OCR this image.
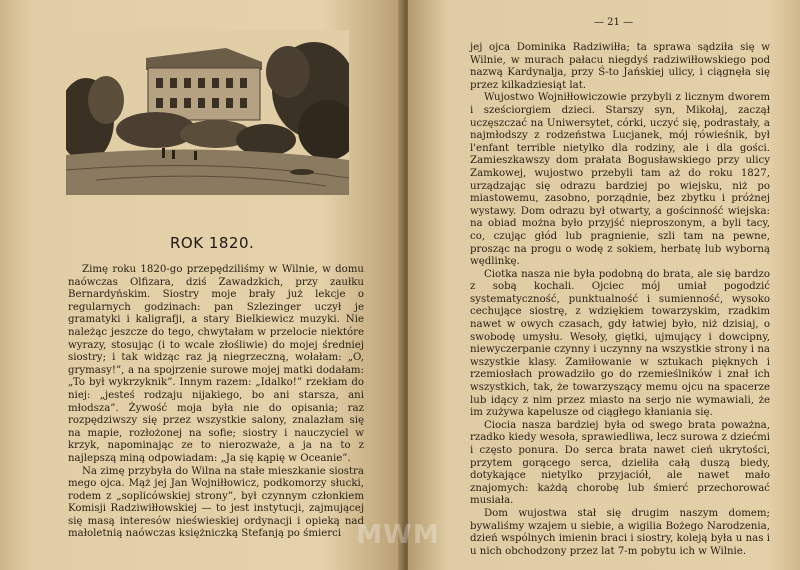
ROK 1820.

Zimę roku 1820-go przepędziliśmy w Wilnie, w domu naówczas Olfizara, dziś Zawadzkich, przy zaułku Bernardyńskim. Siostry moje brały już lekcje o regularnych godzinach: pan Szlezinger uczył je gramatyki i kaligrafji, a stary Bielkiewicz muzyki. Nie należąc jeszcze do tego, chwytałam w przelocie niektóre wyrazy, stosując (i to wcale złośliwie) do mojej średniej siostry; i tak widząc raz ją niegrzeczną, wołałam: „O, grymasy!”, a na spojrzenie surowe mojej matki dodałam: „To był wykrzyknik”. Innym razem: „Idalko!” rzekłam do niej: „jesteś rodzaju nijakiego, bo ani starsza, ani młodsza”. Żywość moja była nie do opisania; raz rozpędziwszy się przez wszystkie salony, znalazłam się na mapie, rozłożonej na sofie; siostry i nauczyciel w krzyk, napominając ze to nierozważe, a ja na to z najlepszą miną odpowiadam: „Ja się kąpię w Oceanie”.

Na zimę przybyła do Wilna na stałe mieszkanie siostra mego ojca. Mąż jej Jan Wojniłłowicz, podkomorzy słucki, rodem z „soplicówskiej strony”, był czynnym członkiem Komisji Radziwiłłowskiej — to jest instytucji, zajmującej się masą interesów nieświeskiej ordynacji i opieką nad małoletnią naówczas księżniczką Stefanją po śmierci

— 21 —

jej ojca Dominika Radziwiłła; ta sprawa sądziła się w Wilnie, w murach pałacu niegdyś radziwiłłowskiego pod nazwą Kardynalja, przy Ś-to Jańskiej ulicy, i ciągnęła się przez kilkadziesiąt lat.

Wujostwo Wojniłłowiczowie przybyli z licznym dworem i sześciorgiem dzieci. Starszy syn, Mikołaj, zaczął uczęszczać na Uniwersytet, córki, uczyć się, podrastały, a najmłodszy z rodzeństwa Lucjanek, mój rówieśnik, był l'enfant terrible nietylko dla rodziny, ale i dla gości. Zamieszkawszy dom prałata Bogusławskiego przy ulicy Zamkowej, wujostwo przebyli tam aż do roku 1827, urządzając się odrazu bardziej po wiejsku, niż po miastowemu, zasobno, porządnie, bez zbytku i próżnej wystawy. Dom odrazu był otwarty, a gościnność wiejska: na obiad można było przyjść nieproszonym, a byli tacy, co, czując głód lub pragnienie, szli tam na pewne, prosząc na progu o wodę z sokiem, herbatę lub wyborną wędlinkę.

Ciotka nasza nie była podobną do brata, ale się bardzo z sobą kochali. Ojciec mój umiał pogodzić systematyczność, punktualność i sumienność, wysoko cechujące siostrę, z wdziękiem towarzyskim, rzadkim nawet w owych czasach, gdy łatwiej było, niż dzisiaj, o swobodę umysłu. Wesoły, giętki, ujmujący i dowcipny, niewyczerpanie czynny i uczynny na wszystkie strony i na wszystkie klasy. Zamiłowanie w sztukach pięknych i rzemiosłach prowadziło go do rzemieślników i znał ich wszystkich, tak, że towarzyszący memu ojcu na spacerze lub idący z nim przez miasto na serjo nie wymawiali, że im zużywa kapelusze od ciągłego kłaniania się.

Ciocia nasza bardziej była od swego brata poważna, rzadko kiedy wesoła, sprawiedliwa, lecz surowa z dziećmi i często ponura. Do serca brata nawet cień ukrytości, przytem gorącego serca, dzieliła całą duszą biedy, dotykające nietylko przyjaciół, ale nawet mało znajomych: każdą chorobę lub śmierć przechorować musiała.

Dom wujostwa stał się drugim naszym domem; bywaliśmy wzajem u siebie, a wigilia Bożego Narodzenia, dzień wspólnych imienin braci i siostry, koleją była u nas i u nich obchodzony przez lat 7-m pobytu ich w Wilnie.

MWM
